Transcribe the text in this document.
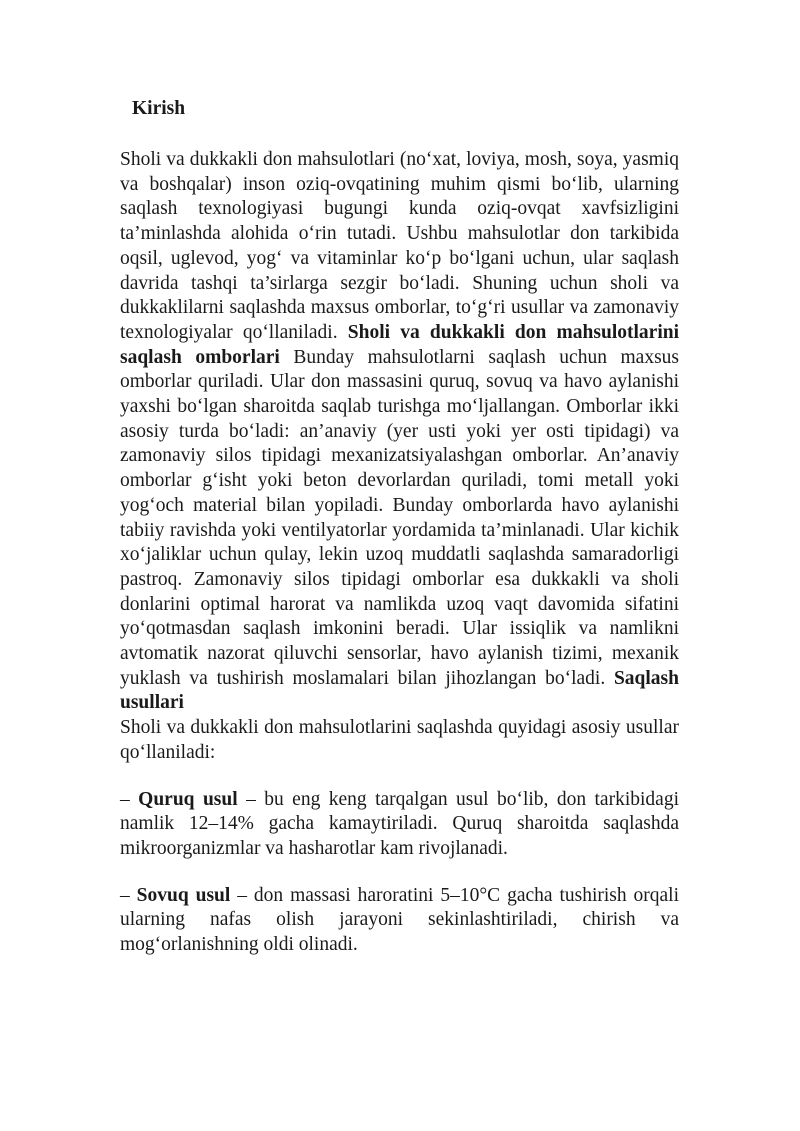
Kirish

Sholi va dukkakli don mahsulotlari (no‘xat, loviya, mosh, soya, yasmiq va boshqalar) inson oziq-ovqatining muhim qismi bo‘lib, ularning saqlash texnologiyasi bugungi kunda oziq-ovqat xavfsizligini ta’minlashda alohida o‘rin tutadi. Ushbu mahsulotlar don tarkibida oqsil, uglevod, yog‘ va vitaminlar ko‘p bo‘lgani uchun, ular saqlash davrida tashqi ta’sirlarga sezgir bo‘ladi. Shuning uchun sholi va dukkaklilarni saqlashda maxsus omborlar, to‘g‘ri usullar va zamonaviy texnologiyalar qo‘llaniladi. Sholi va dukkakli don mahsulotlarini saqlash omborlari Bunday mahsulotlarni saqlash uchun maxsus omborlar quriladi. Ular don massasini quruq, sovuq va havo aylanishi yaxshi bo‘lgan sharoitda saqlab turishga mo‘ljallangan. Omborlar ikki asosiy turda bo‘ladi: an’anaviy (yer usti yoki yer osti tipidagi) va zamonaviy silos tipidagi mexanizatsiyalashgan omborlar. An’anaviy omborlar g‘isht yoki beton devorlardan quriladi, tomi metall yoki yog‘och material bilan yopiladi. Bunday omborlarda havo aylanishi tabiiy ravishda yoki ventilyatorlar yordamida ta’minlanadi. Ular kichik xo‘jaliklar uchun qulay, lekin uzoq muddatli saqlashda samaradorligi pastroq. Zamonaviy silos tipidagi omborlar esa dukkakli va sholi donlarini optimal harorat va namlikda uzoq vaqt davomida sifatini yo‘qotmasdan saqlash imkonini beradi. Ular issiqlik va namlikni avtomatik nazorat qiluvchi sensorlar, havo aylanish tizimi, mexanik yuklash va tushirish moslamalari bilan jihozlangan bo‘ladi. Saqlash usullari

Sholi va dukkakli don mahsulotlarini saqlashda quyidagi asosiy usullar qo‘llaniladi:

– Quruq usul – bu eng keng tarqalgan usul bo‘lib, don tarkibidagi namlik 12–14% gacha kamaytiriladi. Quruq sharoitda saqlashda mikroorganizmlar va hasharotlar kam rivojlanadi.

– Sovuq usul – don massasi haroratini 5–10°C gacha tushirish orqali ularning nafas olish jarayoni sekinlashtiriladi, chirish va mog‘orlanishning oldi olinadi.
